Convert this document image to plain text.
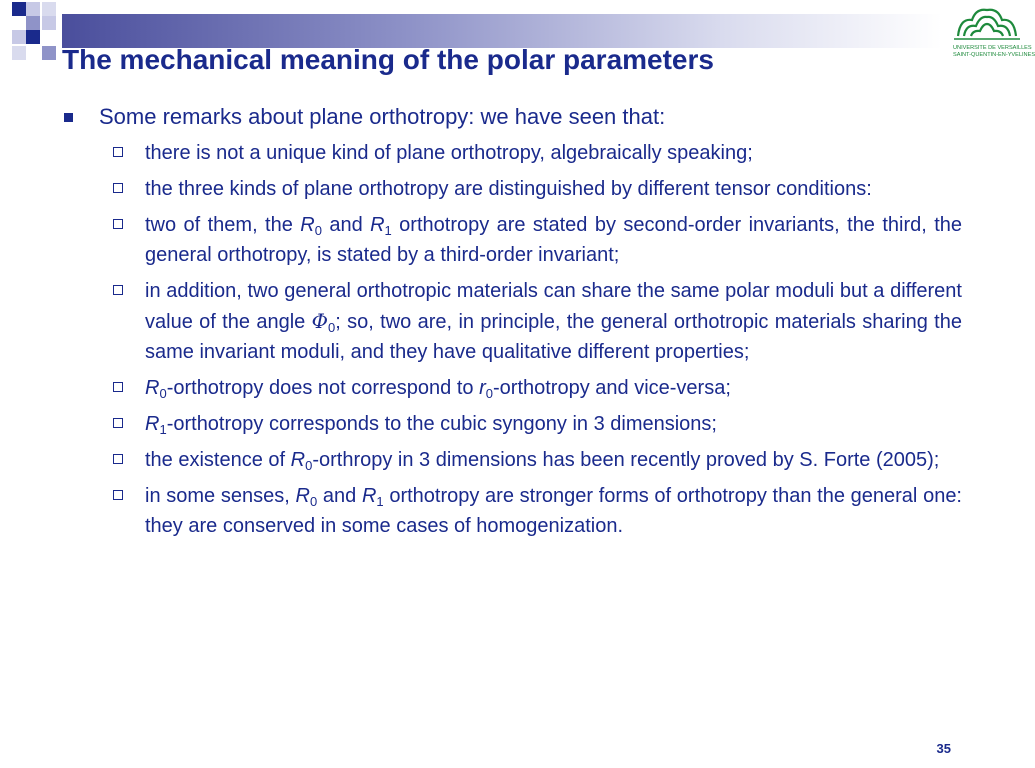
The mechanical meaning of the polar parameters	UNIVERSITE DE VERSAILLES
SAINT-QUENTIN-EN-YVELINES
Some remarks about plane orthotropy: we have seen that:
there is not a unique kind of plane orthotropy, algebraically speaking;
the three kinds of plane orthotropy are distinguished by different tensor conditions:
two of them, the $R_0$ and $R_1$ orthotropy are stated by second-order invariants, the third, the general orthotropy, is stated by a third-order invariant;
in addition, two general orthotropic materials can share the same polar moduli but a different value of the angle $\Phi_0$; so, two are, in principle, the general orthotropic materials sharing the same invariant moduli, and they have qualitative different properties;
$R_0$-orthotropy does not correspond to $r_0$-orthotropy and vice-versa;
$R_1$-orthotropy corresponds to the cubic syngony in 3 dimensions;
the existence of $R_0$-orthropy in 3 dimensions has been recently proved by S. Forte (2005);
in some senses, $R_0$ and $R_1$ orthotropy are stronger forms of orthotropy than the general one: they are conserved in some cases of homogenization.
35
